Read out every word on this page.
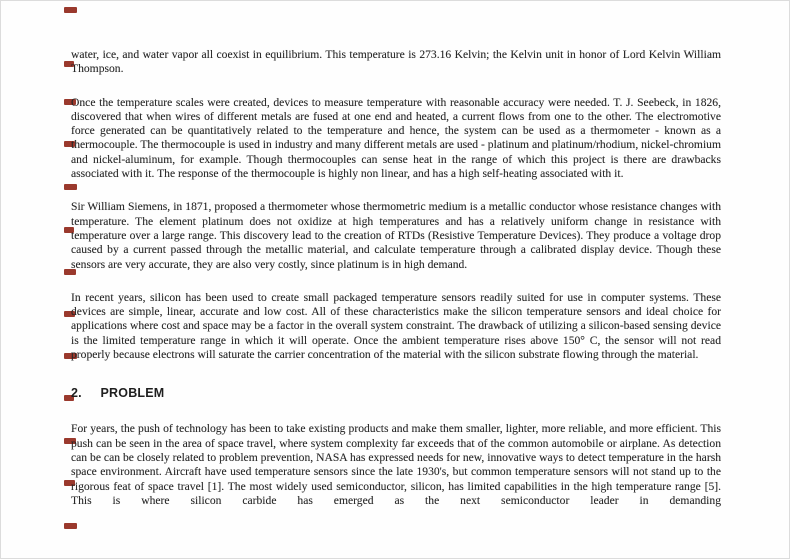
water, ice, and water vapor all coexist in equilibrium. This temperature is 273.16 Kelvin; the Kelvin unit in honor of Lord Kelvin William Thompson.

Once the temperature scales were created, devices to measure temperature with reasonable accuracy were needed. T. J. Seebeck, in 1826, discovered that when wires of different metals are fused at one end and heated, a current flows from one to the other. The electromotive force generated can be quantitatively related to the temperature and hence, the system can be used as a thermometer - known as a thermocouple. The thermocouple is used in industry and many different metals are used - platinum and platinum/rhodium, nickel-chromium and nickel-aluminum, for example. Though thermocouples can sense heat in the range of which this project is there are drawbacks associated with it. The response of the thermocouple is highly non linear, and has a high self-heating associated with it.

Sir William Siemens, in 1871, proposed a thermometer whose thermometric medium is a metallic conductor whose resistance changes with temperature. The element platinum does not oxidize at high temperatures and has a relatively uniform change in resistance with temperature over a large range. This discovery lead to the creation of RTDs (Resistive Temperature Devices). They produce a voltage drop caused by a current passed through the metallic material, and calculate temperature through a calibrated display device. Though these sensors are very accurate, they are also very costly, since platinum is in high demand.

In recent years, silicon has been used to create small packaged temperature sensors readily suited for use in computer systems. These devices are simple, linear, accurate and low cost. All of these characteristics make the silicon temperature sensors and ideal choice for applications where cost and space may be a factor in the overall system constraint. The drawback of utilizing a silicon-based sensing device is the limited temperature range in which it will operate. Once the ambient temperature rises above 150° C, the sensor will not read properly because electrons will saturate the carrier concentration of the material with the silicon substrate flowing through the material.

2. PROBLEM

For years, the push of technology has been to take existing products and make them smaller, lighter, more reliable, and more efficient. This push can be seen in the area of space travel, where system complexity far exceeds that of the common automobile or airplane. As detection can be can be closely related to problem prevention, NASA has expressed needs for new, innovative ways to detect temperature in the harsh space environment. Aircraft have used temperature sensors since the late 1930's, but common temperature sensors will not stand up to the rigorous feat of space travel [1]. The most widely used semiconductor, silicon, has limited capabilities in the high temperature range [5]. This is where silicon carbide has emerged as the next semiconductor leader in demanding
